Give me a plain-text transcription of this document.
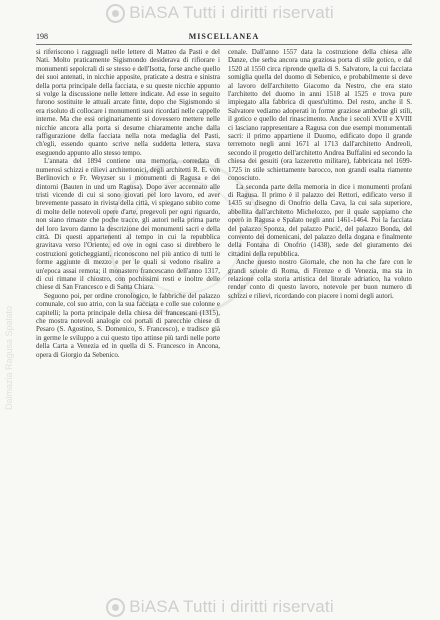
BiASA Tutti i diritti riservati
Dalmazia Ragusa Spalato
198	MISCELLANEA

si riferiscono i ragguagli nelle lettere di Matteo da Pasti e del Nati. Molto praticamente Sigismondo desiderava di rifiorare i monumenti sepolcrali di se stesso e dell'Isotta, forse anche quello dei suoi antenati, in nicchie apposite, praticate a destra e sinistra della porta principale della facciata, e su queste nicchie appunto si volge la discussione nelle lettere indicate. Ad esse in seguito furono sostituite le attuali arcate finte, dopo che Sigismondo si era risoluto di collocare i monumenti suoi ricordati nelle cappelle interne. Ma che essi originariamente si dovessero mettere nelle nicchie ancora alla porta si desume chiaramente anche dalla raffigurazione della facciata nella nota medaglia del Pasti, ch'egli, essendo quanto scrive nella suddetta lettera, stava eseguendo appunto allo stesso tempo.

L'annata del 1894 contiene una memoria, corredata di numerosi schizzi e rilievi architettonici, degli architetti R. E. von Berlinovich e Fr. Weyzser su i monumenti di Ragusa e dei dintorni (Bauten in und um Ragusa). Dopo aver accennato alle tristi vicende di cui si sono giovati pel loro lavoro, ed aver brevemente passato in rivista della città, vi spiegano subito come di molte delle notevoli opere d'arte, pregevoli per ogni riguardo, non siano rimaste che poche tracce, gli autori nella prima parte del loro lavoro danno la descrizione dei monumenti sacri e della città. Di questi appartenenti al tempo in cui la repubblica gravitava verso l'Oriente, ed ove in ogni caso si direbbero le costruzioni goticheggianti, riconoscono nel più antico di tutti le forme aggiunte di mezzo e per le quali si vedono risalire a un'epoca assai remota; il monastero francescano dell'anno 1317, di cui rimane il chiostro, con pochissimi resti e inoltre delle chiese di San Francesco e di Santa Chiara.

Seguono poi, per ordine cronologico, le fabbriche del palazzo comunale, col suo atrio, con la sua facciata e colle sue colonne e capitelli; la porta principale della chiesa dei francescani (1315), che mostra notevoli analogie coi portali di parecchie chiese di Pesaro (S. Agostino, S. Domenico, S. Francesco), e tradisce già in germe le sviluppo a cui questo tipo attinse più tardi nelle porte della Carta a Venezia ed in quella di S. Francesco in Ancona, opera di Giorgio da Sebenico.

cenale. Dall'anno 1557 data la costruzione della chiesa alle Danze, che serba ancora una graziosa porta di stile gotico, e dal 1520 al 1550 circa riprende quella di S. Salvatore, la cui facciata somiglia quella del duomo di Sebenico, e probabilmente si deve al lavoro dell'architetto Giacomo da Nestro, che era stato l'architetto del duomo in anni 1518 al 1525 e trova pure impiegato alla fabbrica di quest'ultimo. Del resto, anche il S. Salvatore vediamo adoperati in forme graziose ambedue gli stili, il gotico e quello del rinascimento. Anche i secoli XVII e XVIII ci lasciano rappresentare a Ragusa con due esempi monumentali sacri: il primo appartiene il Duomo, edificato dopo il grande terremoto negli anni 1671 al 1713 dall'architetto Andreoli, secondo il progetto dell'architetto Andrea Buffalini ed secondo la chiesa dei gesuiti (ora lazzeretto militare), fabbricata nel 1699-1725 in stile schiettamente barocco, non grandi esalta riamente conosciuto.

La seconda parte della memoria in dice i monumenti profani di Ragusa. Il primo è il palazzo dei Rettori, edificato verso il 1435 su disegno di Onofrio della Cava, la cui sala superiore, abbellita dall'architetto Michelozzo, per il quale sappiamo che operò in Ragusa e Spalato negli anni 1461-1464. Poi la facciata del palazzo Sponza, del palazzo Pucić, del palazzo Bonda, del convento dei domenicani, del palazzo della dogana e finalmente della Fontana di Onofrio (1438), sede del giuramento dei cittadini della repubblica.

Anche questo nostro Giornale, che non ha che fare con le grandi scuole di Roma, di Firenze e di Venezia, ma sta in relazione colla storia artistica del litorale adriatico, ha voluto render conto di questo lavoro, notevole per buon numero di schizzi e rilievi, ricordando con piacere i nomi degli autori.

BiASA Tutti i diritti riservati
